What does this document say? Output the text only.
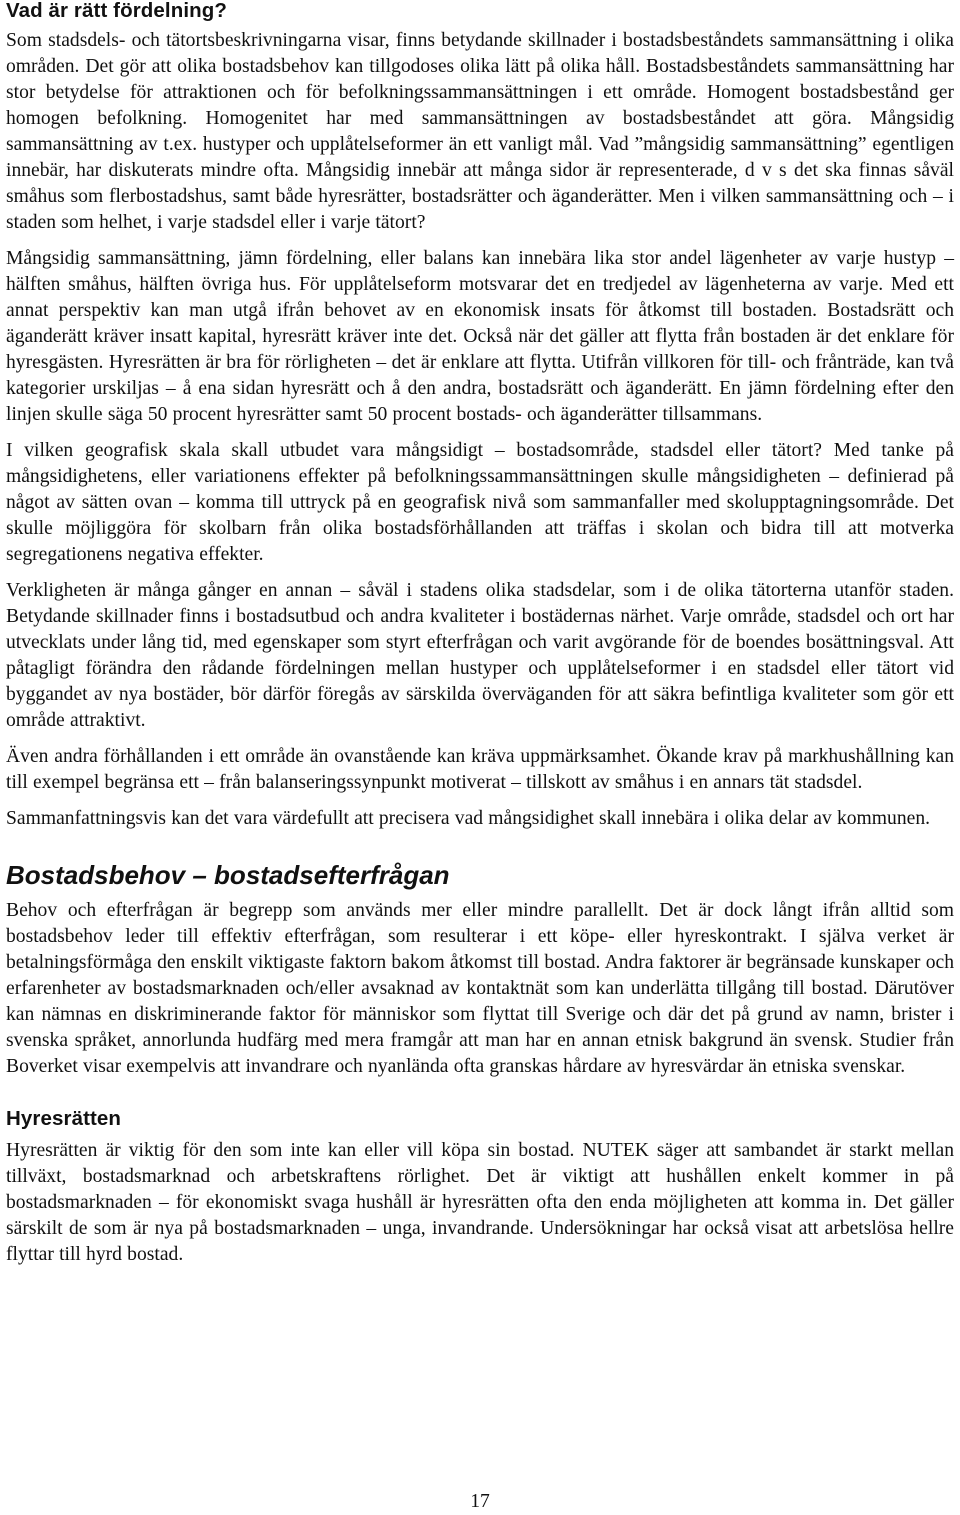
Vad är rätt fördelning?

Som stadsdels- och tätortsbeskrivningarna visar, finns betydande skillnader i bostadsbeståndets sammansättning i olika områden. Det gör att olika bostadsbehov kan tillgodoses olika lätt på olika håll. Bostadsbeståndets sammansättning har stor betydelse för attraktionen och för befolkningssammansättningen i ett område. Homogent bostadsbestånd ger homogen befolkning. Homogenitet har med sammansättningen av bostadsbeståndet att göra. Mångsidig sammansättning av t.ex. hustyper och upplåtelseformer än ett vanligt mål. Vad ”mångsidig sammansättning” egentligen innebär, har diskuterats mindre ofta. Mångsidig innebär att många sidor är representerade, d v s det ska finnas såväl småhus som flerbostadshus, samt både hyresrätter, bostadsrätter och äganderätter. Men i vilken sammansättning och – i staden som helhet, i varje stadsdel eller i varje tätort?

Mångsidig sammansättning, jämn fördelning, eller balans kan innebära lika stor andel lägenheter av varje hustyp – hälften småhus, hälften övriga hus. För upplåtelseform motsvarar det en tredjedel av lägenheterna av varje. Med ett annat perspektiv kan man utgå ifrån behovet av en ekonomisk insats för åtkomst till bostaden. Bostadsrätt och äganderätt kräver insatt kapital, hyresrätt kräver inte det. Också när det gäller att flytta från bostaden är det enklare för hyresgästen. Hyresrätten är bra för rörligheten – det är enklare att flytta. Utifrån villkoren för till- och frånträde, kan två kategorier urskiljas – å ena sidan hyresrätt och å den andra, bostadsrätt och äganderätt. En jämn fördelning efter den linjen skulle säga 50 procent hyresrätter samt 50 procent bostads- och äganderätter tillsammans.

I vilken geografisk skala skall utbudet vara mångsidigt – bostadsområde, stadsdel eller tätort? Med tanke på mångsidighetens, eller variationens effekter på befolkningssammansättningen skulle mångsidigheten – definierad på något av sätten ovan – komma till uttryck på en geografisk nivå som sammanfaller med skolupptagningsområde. Det skulle möjliggöra för skolbarn från olika bostadsförhållanden att träffas i skolan och bidra till att motverka segregationens negativa effekter.

Verkligheten är många gånger en annan – såväl i stadens olika stadsdelar, som i de olika tätorterna utanför staden. Betydande skillnader finns i bostadsutbud och andra kvaliteter i bostädernas närhet. Varje område, stadsdel och ort har utvecklats under lång tid, med egenskaper som styrt efterfrågan och varit avgörande för de boendes bosättningsval. Att påtagligt förändra den rådande fördelningen mellan hustyper och upplåtelseformer i en stadsdel eller tätort vid byggandet av nya bostäder, bör därför föregås av särskilda överväganden för att säkra befintliga kvaliteter som gör ett område attraktivt.

Även andra förhållanden i ett område än ovanstående kan kräva uppmärksamhet. Ökande krav på markhushållning kan till exempel begränsa ett – från balanseringssynpunkt motiverat – tillskott av småhus i en annars tät stadsdel.

Sammanfattningsvis kan det vara värdefullt att precisera vad mångsidighet skall innebära i olika delar av kommunen.

Bostadsbehov – bostadsefterfrågan

Behov och efterfrågan är begrepp som används mer eller mindre parallellt. Det är dock långt ifrån alltid som bostadsbehov leder till effektiv efterfrågan, som resulterar i ett köpe- eller hyreskontrakt. I själva verket är betalningsförmåga den enskilt viktigaste faktorn bakom åtkomst till bostad. Andra faktorer är begränsade kunskaper och erfarenheter av bostadsmarknaden och/eller avsaknad av kontaktnät som kan underlätta tillgång till bostad. Därutöver kan nämnas en diskriminerande faktor för människor som flyttat till Sverige och där det på grund av namn, brister i svenska språket, annorlunda hudfärg med mera framgår att man har en annan etnisk bakgrund än svensk. Studier från Boverket visar exempelvis att invandrare och nyanlända ofta granskas hårdare av hyresvärdar än etniska svenskar.

Hyresrätten

Hyresrätten är viktig för den som inte kan eller vill köpa sin bostad. NUTEK säger att sambandet är starkt mellan tillväxt, bostadsmarknad och arbetskraftens rörlighet. Det är viktigt att hushållen enkelt kommer in på bostadsmarknaden – för ekonomiskt svaga hushåll är hyresrätten ofta den enda möjligheten att komma in. Det gäller särskilt de som är nya på bostadsmarknaden – unga, invandrande. Undersökningar har också visat att arbetslösa hellre flyttar till hyrd bostad.

17
